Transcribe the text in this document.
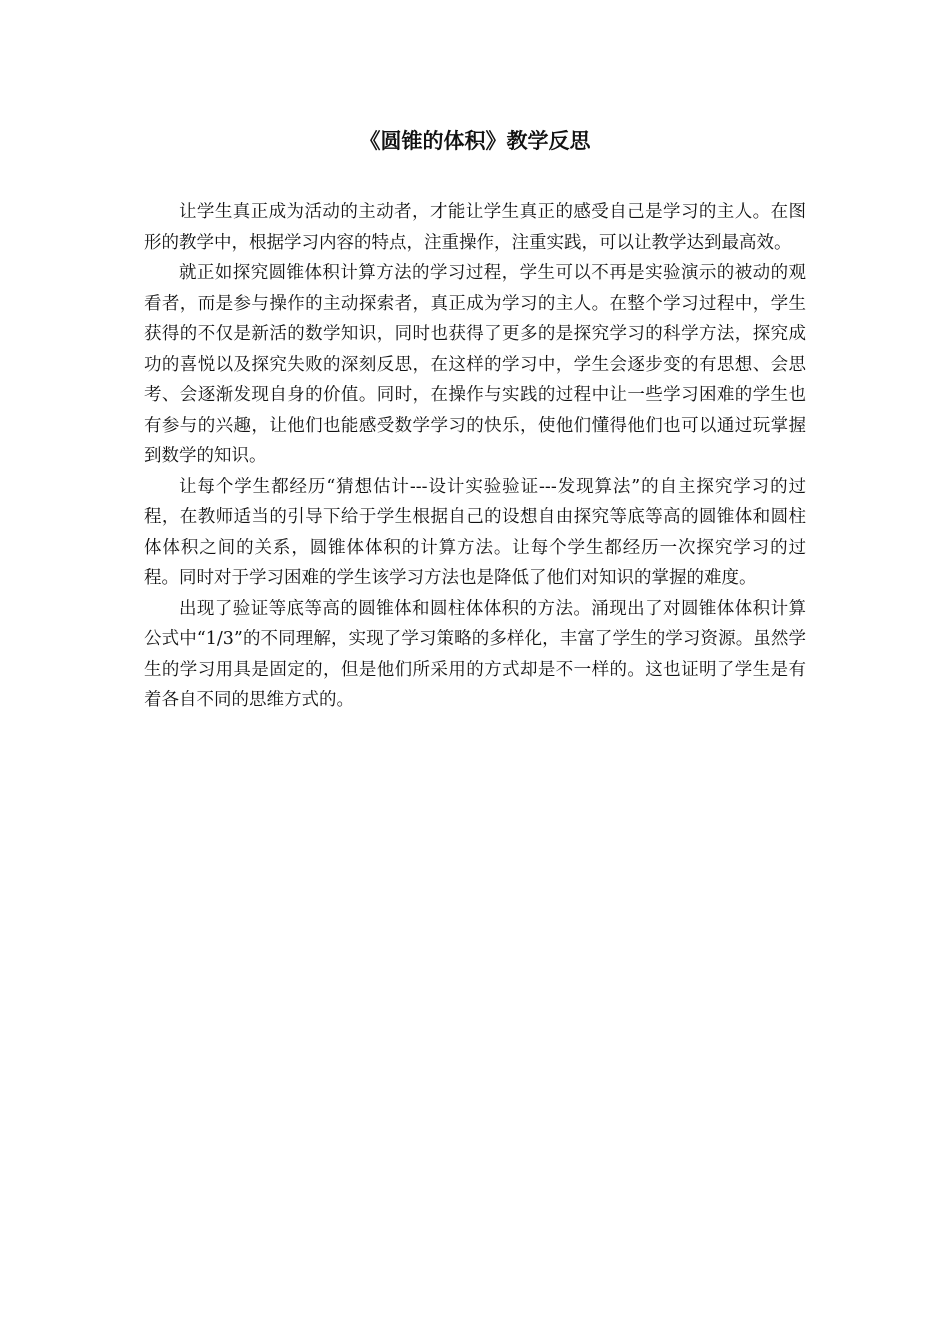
《圆锥的体积》教学反思

让学生真正成为活动的主动者，才能让学生真正的感受自己是学习的主人。在图形的教学中，根据学习内容的特点，注重操作，注重实践，可以让教学达到最高效。

就正如探究圆锥体积计算方法的学习过程，学生可以不再是实验演示的被动的观看者，而是参与操作的主动探索者，真正成为学习的主人。在整个学习过程中，学生获得的不仅是新活的数学知识，同时也获得了更多的是探究学习的科学方法，探究成功的喜悦以及探究失败的深刻反思，在这样的学习中，学生会逐步变的有思想、会思考、会逐渐发现自身的价值。同时，在操作与实践的过程中让一些学习困难的学生也有参与的兴趣，让他们也能感受数学学习的快乐，使他们懂得他们也可以通过玩掌握到数学的知识。

让每个学生都经历“猜想估计---设计实验验证---发现算法”的自主探究学习的过程，在教师适当的引导下给于学生根据自己的设想自由探究等底等高的圆锥体和圆柱体体积之间的关系，圆锥体体积的计算方法。让每个学生都经历一次探究学习的过程。同时对于学习困难的学生该学习方法也是降低了他们对知识的掌握的难度。

出现了验证等底等高的圆锥体和圆柱体体积的方法。涌现出了对圆锥体体积计算公式中“1/3”的不同理解，实现了学习策略的多样化，丰富了学生的学习资源。虽然学生的学习用具是固定的，但是他们所采用的方式却是不一样的。这也证明了学生是有着各自不同的思维方式的。
